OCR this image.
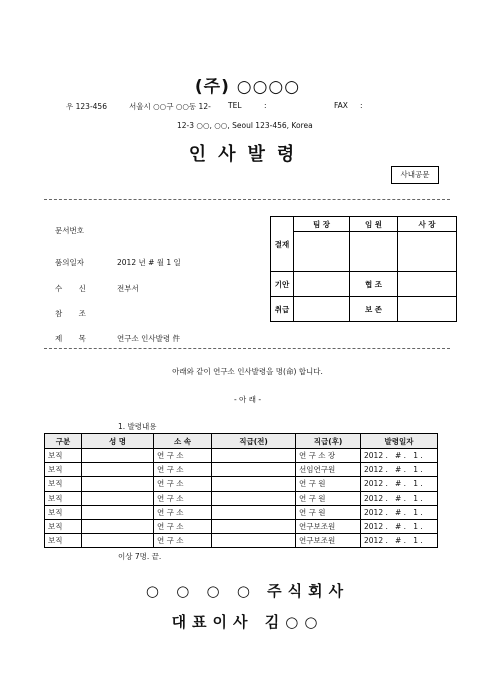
(주) ○○○○
우 123-456	서울시 ○○구 ○○동 12- TEL	:	FAX :
12-3 ○○, ○○, Seoul 123-456, Korea
인사발령
사내공문
문서번호
품의일자	2012 년 # 월 1 일
수 신	전부서
참 조
제 목	연구소 인사발령 件
결재	팀 장	임 원	사 장

기안		협 조	
취급		보 존	
아래와 같이 연구소 인사발령을 명(命) 합니다.
- 아 래 -
1. 발령내용
구분	성 명	소 속	직급(전)	직급(후)	발령일자
보직		연 구 소		연 구 소 장	2012 .   # .   1 .
보직		연 구 소		선임연구원	2012 .   # .   1 .
보직		연 구 소		연 구 원	2012 .   # .   1 .
보직		연 구 소		연 구 원	2012 .   # .   1 .
보직		연 구 소		연 구 원	2012 .   # .   1 .
보직		연 구 소		연구보조원	2012 .   # .   1 .
보직		연 구 소		연구보조원	2012 .   # .   1 .
이상 7명. 끝.
○ ○ ○ ○ 주식회사
대표이사 김○○
